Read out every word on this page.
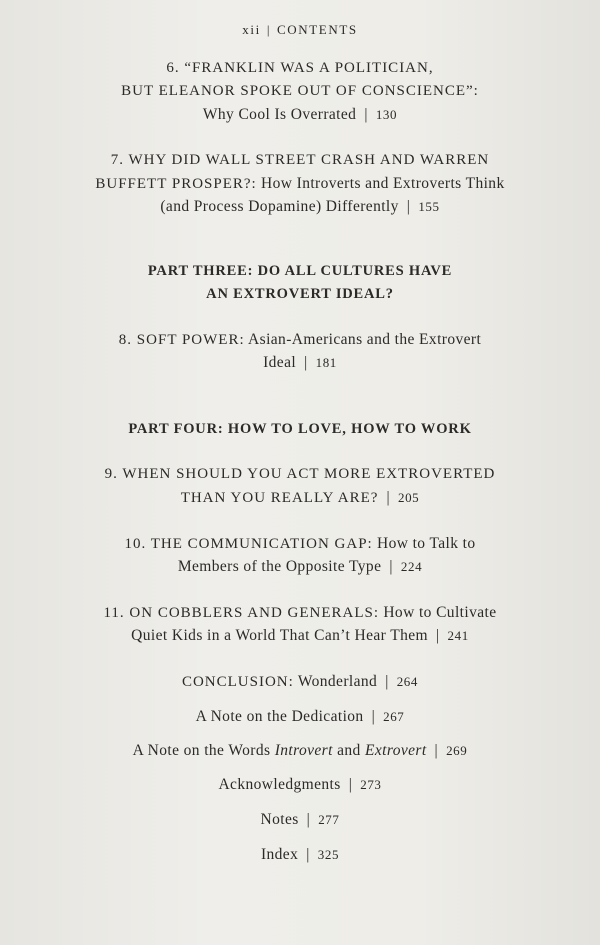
xii | CONTENTS
6. “FRANKLIN WAS A POLITICIAN,
BUT ELEANOR SPOKE OUT OF CONSCIENCE”:
Why Cool Is Overrated | 130
7. WHY DID WALL STREET CRASH AND WARREN
BUFFETT PROSPER?: How Introverts and Extroverts Think
(and Process Dopamine) Differently | 155
PART THREE: DO ALL CULTURES HAVE
AN EXTROVERT IDEAL?
8. SOFT POWER: Asian-Americans and the Extrovert
Ideal | 181
PART FOUR: HOW TO LOVE, HOW TO WORK
9. WHEN SHOULD YOU ACT MORE EXTROVERTED
THAN YOU REALLY ARE? | 205
10. THE COMMUNICATION GAP: How to Talk to
Members of the Opposite Type | 224
11. ON COBBLERS AND GENERALS: How to Cultivate
Quiet Kids in a World That Can’t Hear Them | 241
CONCLUSION: Wonderland | 264
A Note on the Dedication | 267
A Note on the Words Introvert and Extrovert | 269
Acknowledgments | 273
Notes | 277
Index | 325
